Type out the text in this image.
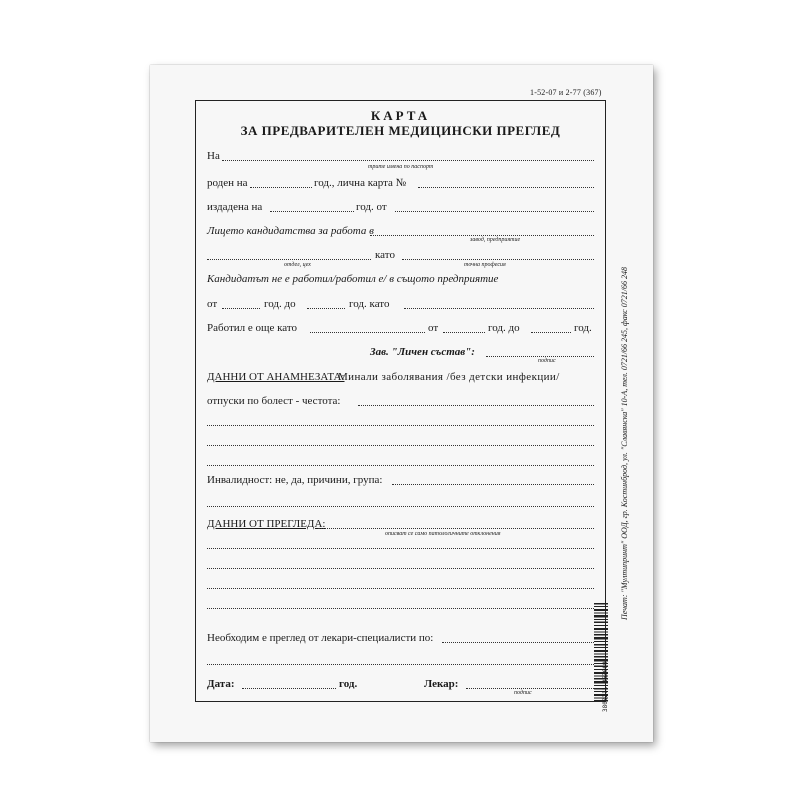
1-52-07 и 2-77 (367)
КАРТА
ЗА ПРЕДВАРИТЕЛЕН МЕДИЦИНСКИ ПРЕГЛЕД
На
трите имена по паспорт
роден на	год., лична карта №
издадена на	год. от
Лицето кандидатства за работа в
завод, предприятие
като
отдел, цех	точна професия
Кандидатът не е работил/работил е/ в същото предприятие
от	год. до	год. като
Работил е още като	от	год. до	год.
Зав. "Личен състав":
подпис
ДАННИ ОТ АНАМНЕЗАТА:
Минали заболявания /без детски инфекции/
отпуски по болест - честота:
Инвалидност: не, да, причини, група:
ДАННИ ОТ ПРЕГЛЕДА:
описват се само патологичните отклонения
Необходим е преглед от лекари-специалисти по:
Дата:	год.	Лекар:
подпис
Печат: "Мултипринт" ООД, гр. Костинброд, ул. "Славянска" 10-А, тел. 0721/66 245, факс 0721/66 248
3800211 863669
